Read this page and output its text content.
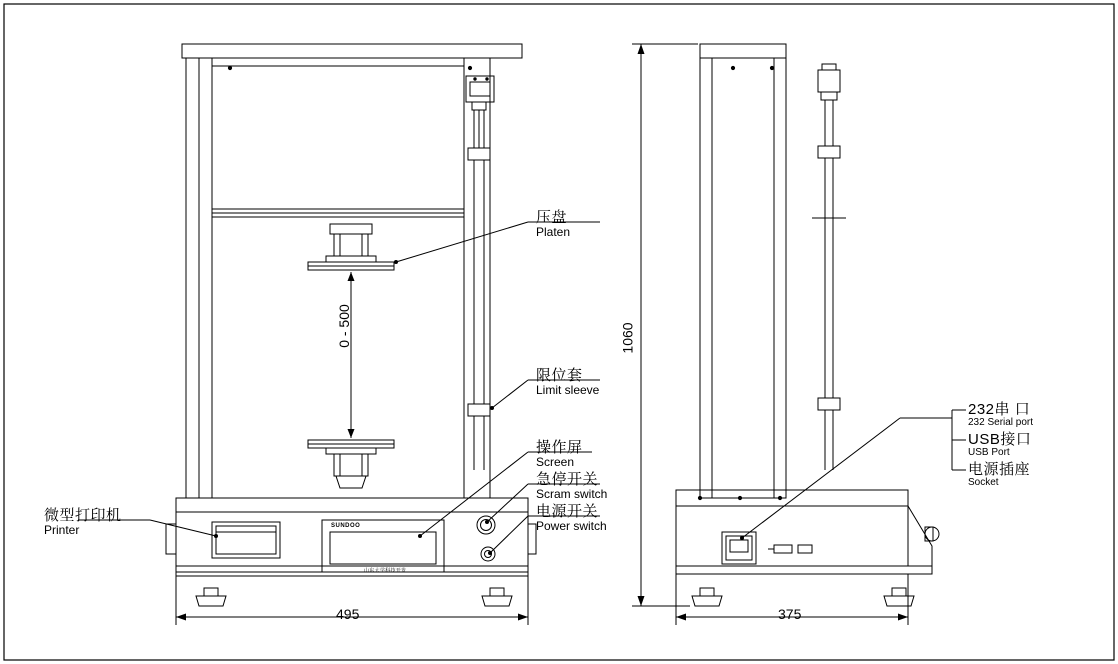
压盘
Platen
限位套
Limit sleeve
操作屏
Screen
急停开关
Scram switch
电源开关
Power switch
微型打印机
Printer
232串 口
232 Serial port
USB接口
USB Port
电源插座
Socket
0 - 500	1060
495	375
SUNDOO
山东大学科技开发
